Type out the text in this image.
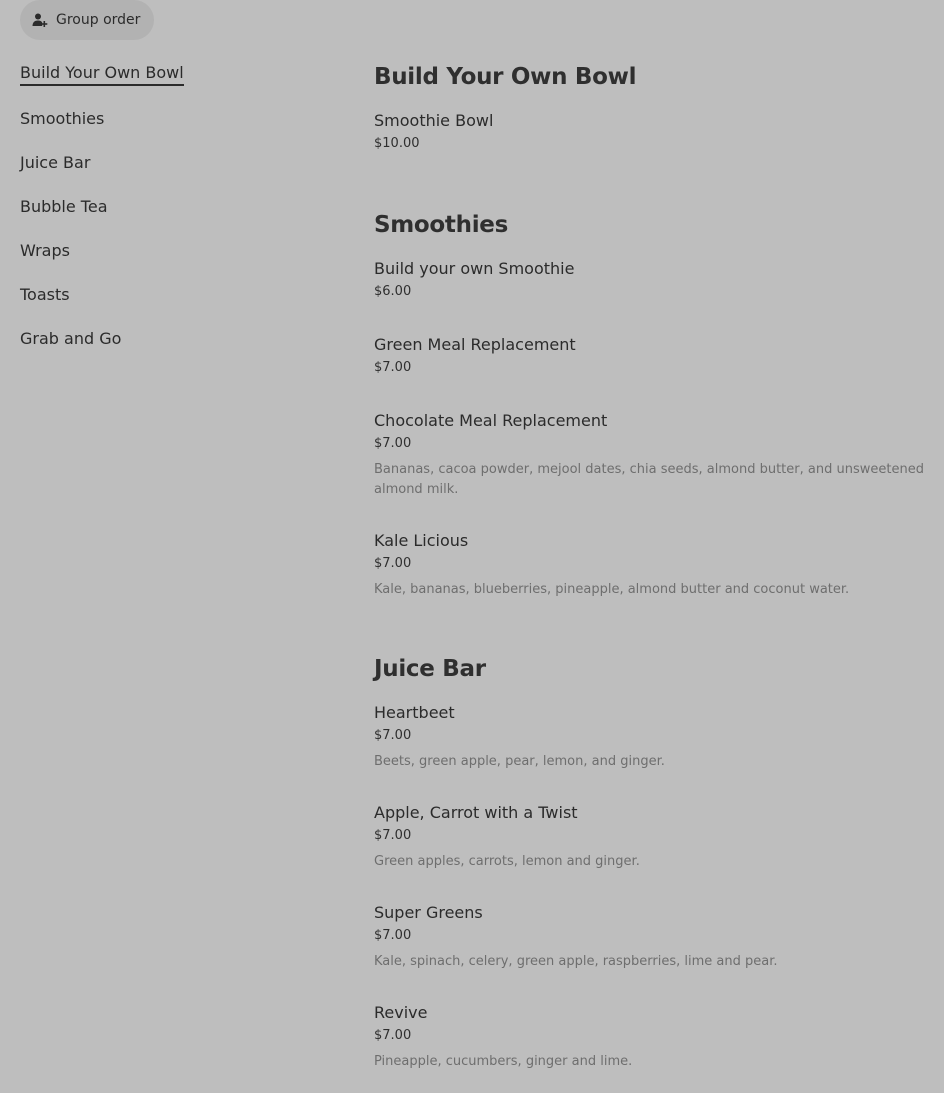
Group order
Build Your Own Bowl
Smoothies
Juice Bar
Bubble Tea
Wraps
Toasts
Grab and Go
Build Your Own Bowl
Smoothie Bowl
$10.00
Smoothies
Build your own Smoothie
$6.00
Green Meal Replacement
$7.00
Chocolate Meal Replacement
$7.00
Bananas, cacoa powder, mejool dates, chia seeds, almond butter, and unsweetened almond milk.
Kale Licious
$7.00
Kale, bananas, blueberries, pineapple, almond butter and coconut water.
Juice Bar
Heartbeet
$7.00
Beets, green apple, pear, lemon, and ginger.
Apple, Carrot with a Twist
$7.00
Green apples, carrots, lemon and ginger.
Super Greens
$7.00
Kale, spinach, celery, green apple, raspberries, lime and pear.
Revive
$7.00
Pineapple, cucumbers, ginger and lime.
